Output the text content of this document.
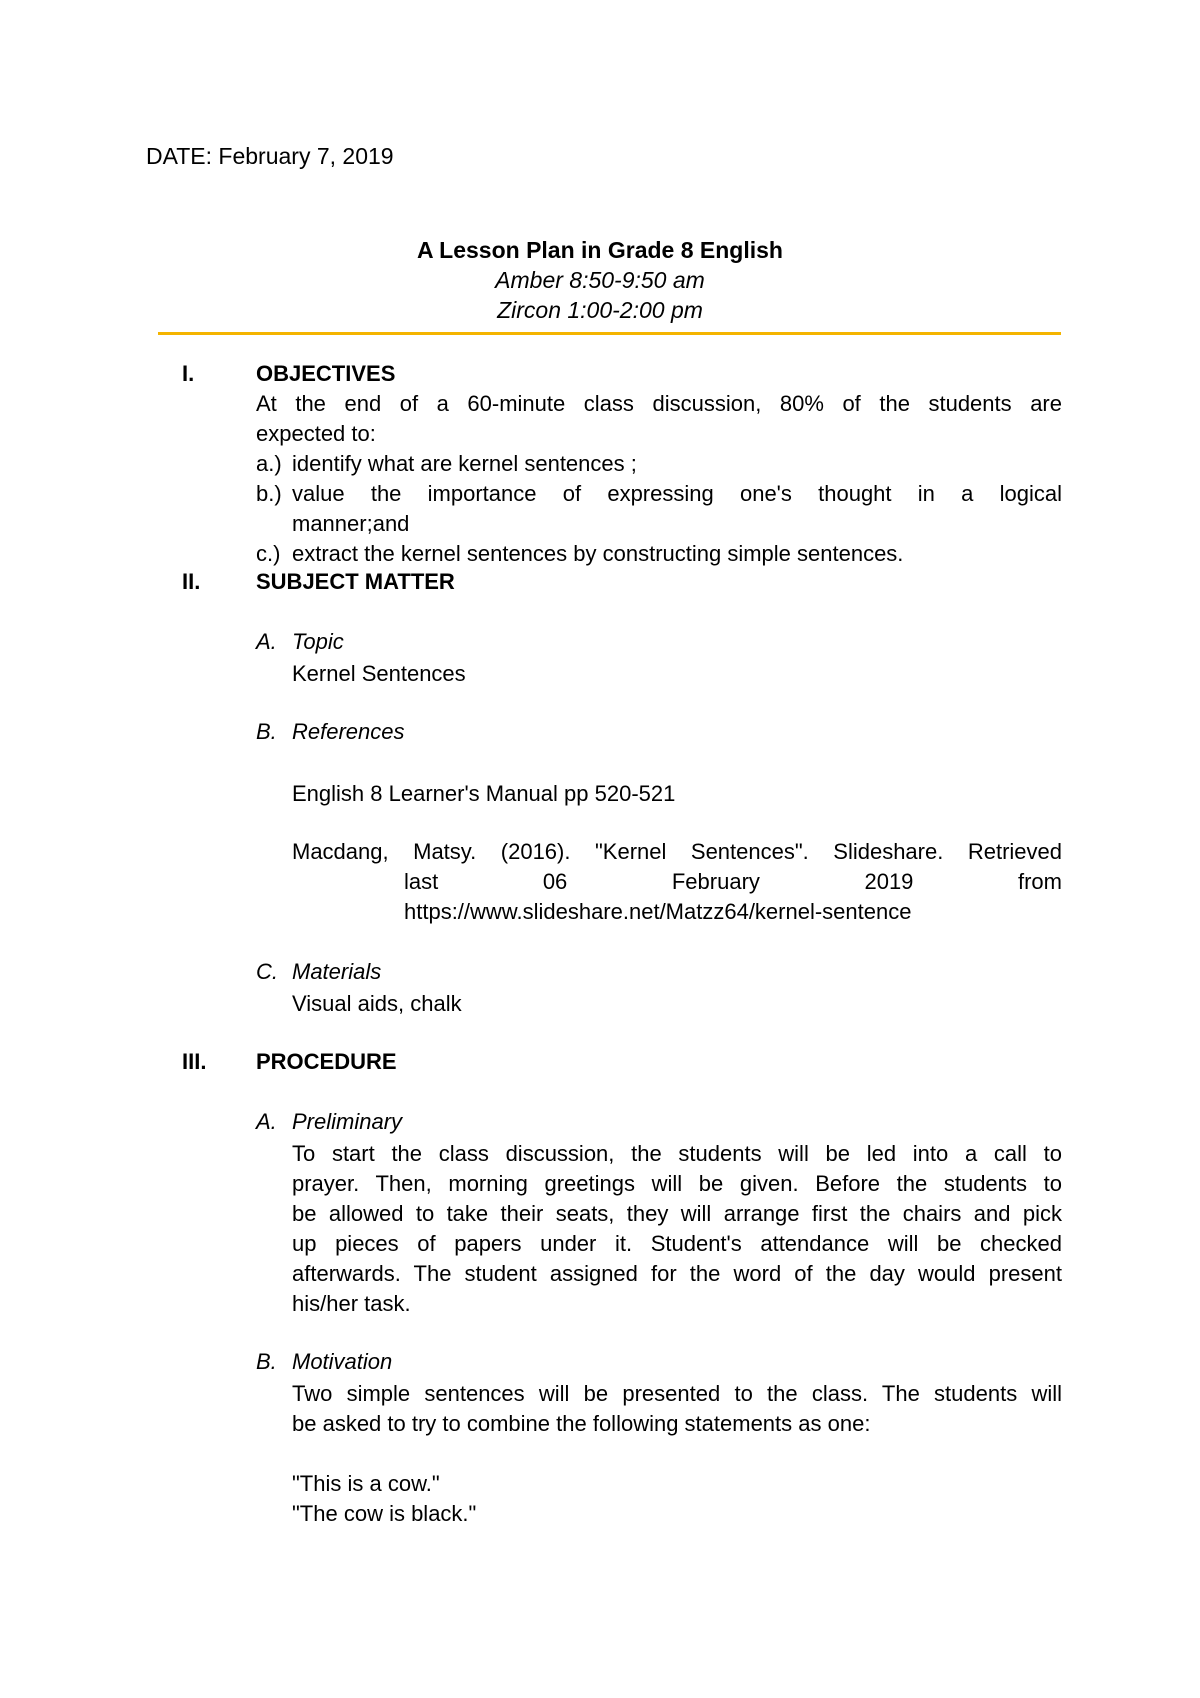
DATE: February 7, 2019
A Lesson Plan in Grade 8 English
Amber 8:50-9:50 am
Zircon 1:00-2:00 pm
I.	OBJECTIVES
At the end of a 60-minute class discussion, 80% of the students are
expected to:
a.) identify what are kernel sentences ;
b.) value the importance of expressing one's thought in a logical
manner;and
c.) extract the kernel sentences by constructing simple sentences.
II.	SUBJECT MATTER
A. Topic
Kernel Sentences
B. References
English 8 Learner's Manual pp 520-521
Macdang, Matsy. (2016). "Kernel Sentences". Slideshare. Retrieved
last 06 February 2019 from
https://www.slideshare.net/Matzz64/kernel-sentence
C. Materials
Visual aids, chalk
III. PROCEDURE
A. Preliminary
To start the class discussion, the students will be led into a call to
prayer. Then, morning greetings will be given. Before the students to
be allowed to take their seats, they will arrange first the chairs and pick
up pieces of papers under it. Student's attendance will be checked
afterwards. The student assigned for the word of the day would present
his/her task.
B. Motivation
Two simple sentences will be presented to the class. The students will
be asked to try to combine the following statements as one:
"This is a cow."
"The cow is black."
